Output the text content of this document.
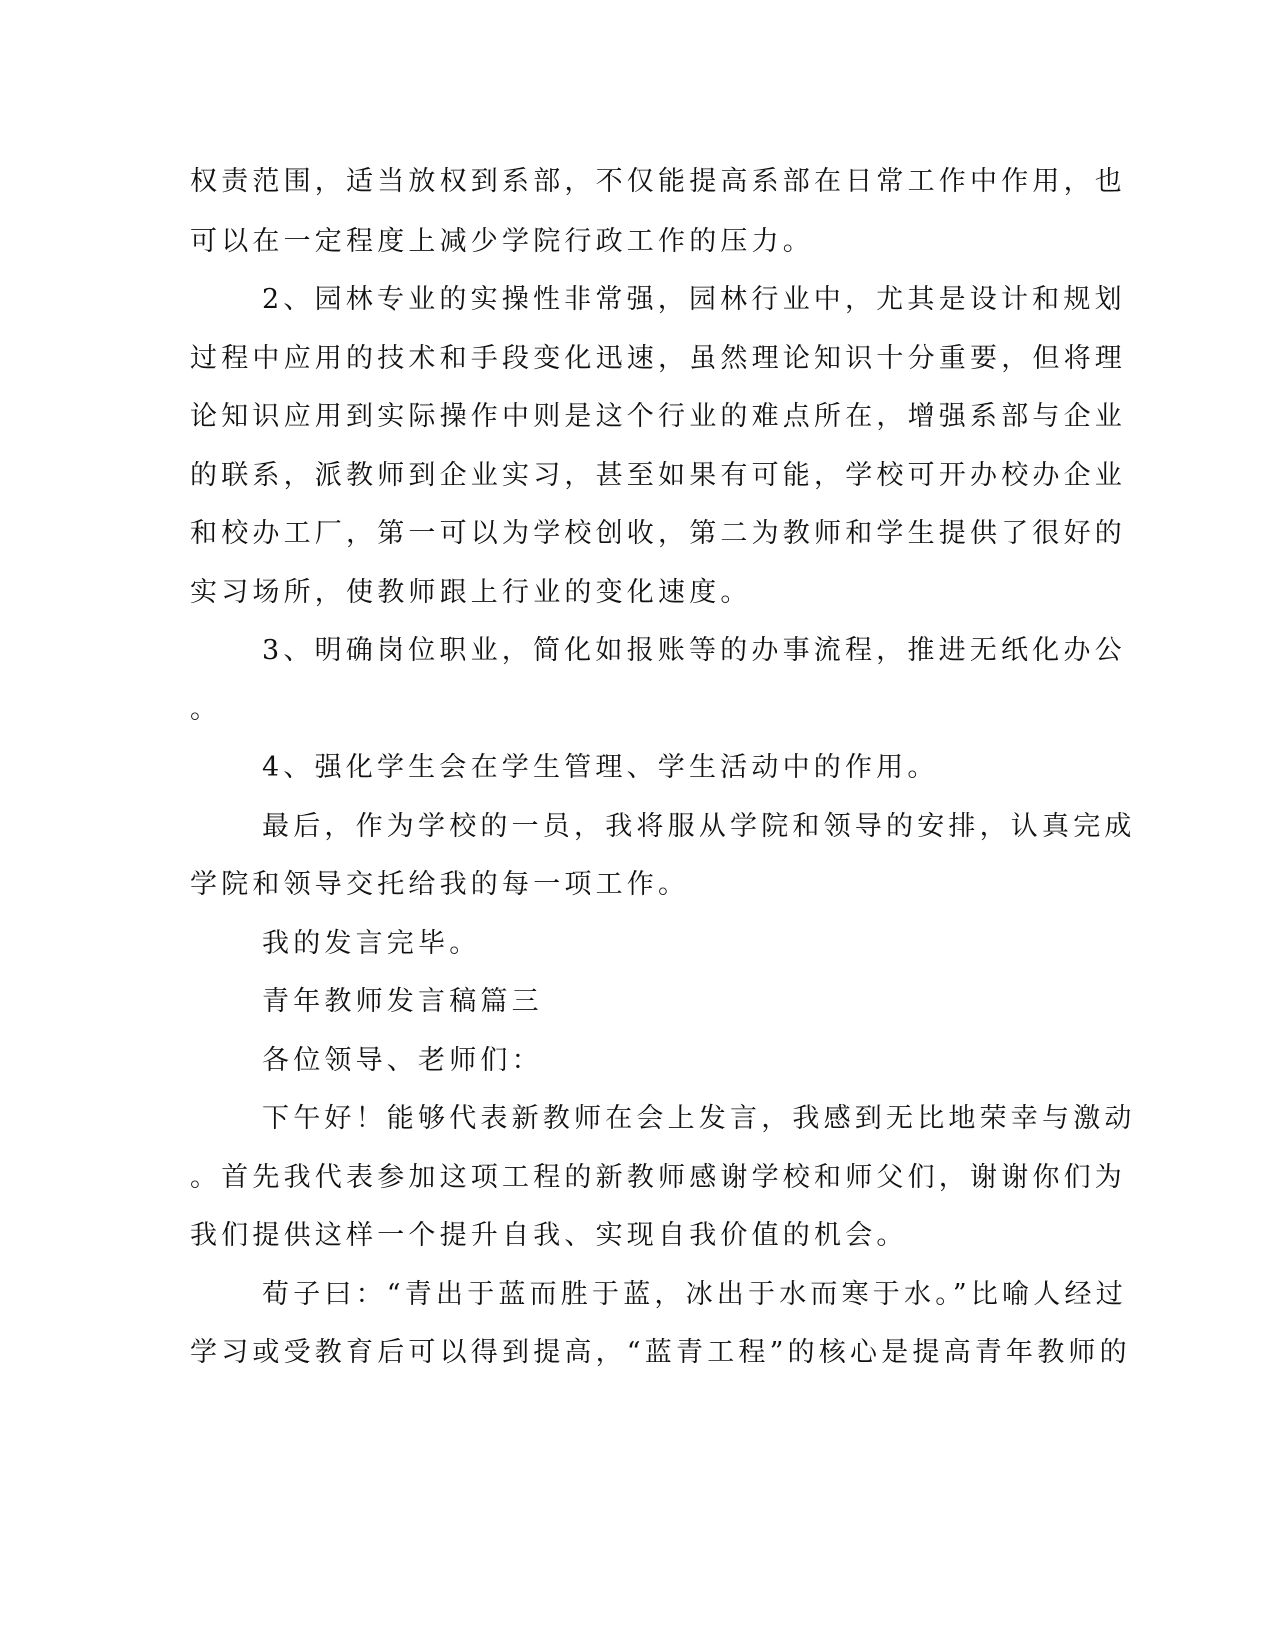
权责范围，适当放权到系部，不仅能提高系部在日常工作中作用，也
可以在一定程度上减少学院行政工作的压力。
2、园林专业的实操性非常强，园林行业中，尤其是设计和规划
过程中应用的技术和手段变化迅速，虽然理论知识十分重要，但将理
论知识应用到实际操作中则是这个行业的难点所在，增强系部与企业
的联系，派教师到企业实习，甚至如果有可能，学校可开办校办企业
和校办工厂，第一可以为学校创收，第二为教师和学生提供了很好的
实习场所，使教师跟上行业的变化速度。
3、明确岗位职业，简化如报账等的办事流程，推进无纸化办公
。
4、强化学生会在学生管理、学生活动中的作用。
最后，作为学校的一员，我将服从学院和领导的安排，认真完成
学院和领导交托给我的每一项工作。
我的发言完毕。
青年教师发言稿篇三
各位领导、老师们：
下午好！能够代表新教师在会上发言，我感到无比地荣幸与激动
。首先我代表参加这项工程的新教师感谢学校和师父们，谢谢你们为
我们提供这样一个提升自我、实现自我价值的机会。
荀子曰：“青出于蓝而胜于蓝，冰出于水而寒于水。”比喻人经过
学习或受教育后可以得到提高，“蓝青工程”的核心是提高青年教师的
